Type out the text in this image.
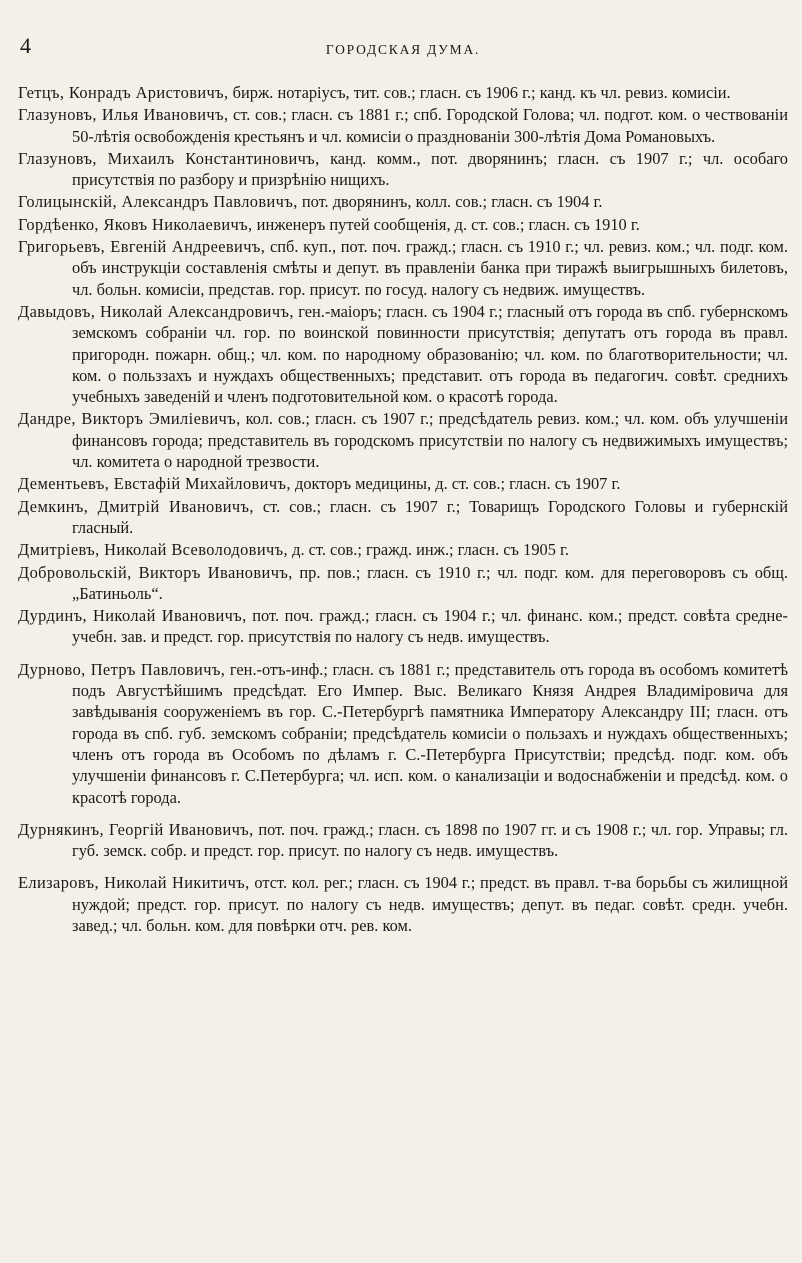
4	ГОРОДСКАЯ ДУМА.

Гетцъ, Конрадъ Аристовичъ, бирж. нотаріусъ, тит. сов.; гласн. съ 1906 г.; канд. къ чл. ревиз. комисіи.

Глазуновъ, Илья Ивановичъ, ст. сов.; гласн. съ 1881 г.; спб. Городской Голова; чл. подгот. ком. о чествованіи 50-лѣтія освобожденія крестьянъ и чл. комисіи о празднованіи 300-лѣтія Дома Романовыхъ.

Глазуновъ, Михаилъ Константиновичъ, канд. комм., пот. дворянинъ; гласн. съ 1907 г.; чл. особаго присутствія по разбору и призрѣнію нищихъ.

Голицынскій, Александръ Павловичъ, пот. дворянинъ, колл. сов.; гласн. съ 1904 г.

Гордѣенко, Яковъ Николаевичъ, инженеръ путей сообщенія, д. ст. сов.; гласн. съ 1910 г.

Григорьевъ, Евгеній Андреевичъ, спб. куп., пот. поч. гражд.; гласн. съ 1910 г.; чл. ревиз. ком.; чл. подг. ком. объ инструкціи составленія смѣты и депут. въ правленіи банка при тиражѣ выигрышныхъ билетовъ, чл. больн. комисіи, представ. гор. присут. по госуд. налогу съ недвиж. имуществъ.

Давыдовъ, Николай Александровичъ, ген.-маіоръ; гласн. съ 1904 г.; гласный отъ города въ спб. губернскомъ земскомъ собраніи чл. гор. по воинской повинности присутствія; депутатъ отъ города въ правл. пригородн. пожарн. общ.; чл. ком. по народному образованію; чл. ком. по благотворительности; чл. ком. о польззахъ и нуждахъ общественныхъ; представит. отъ города въ педагогич. совѣт. среднихъ учебныхъ заведеній и членъ подготовительной ком. о красотѣ города.

Дандре, Викторъ Эмиліевичъ, кол. сов.; гласн. съ 1907 г.; предсѣдатель ревиз. ком.; чл. ком. объ улучшеніи финансовъ города; представитель въ городскомъ присутствіи по налогу съ недвижимыхъ имуществъ; чл. комитета о народной трезвости.

Дементьевъ, Евстафій Михайловичъ, докторъ медицины, д. ст. сов.; гласн. съ 1907 г.

Демкинъ, Дмитрій Ивановичъ, ст. сов.; гласн. съ 1907 г.; Товарищъ Городского Головы и губернскій гласный.

Дмитріевъ, Николай Всеволодовичъ, д. ст. сов.; гражд. инж.; гласн. съ 1905 г.

Добровольскій, Викторъ Ивановичъ, пр. пов.; гласн. съ 1910 г.; чл. подг. ком. для переговоровъ съ общ. „Батиньоль“.

Дурдинъ, Николай Ивановичъ, пот. поч. гражд.; гласн. съ 1904 г.; чл. финанс. ком.; предст. совѣта средне-учебн. зав. и предст. гор. присутствія по налогу съ недв. имуществъ.

Дурново, Петръ Павловичъ, ген.-отъ-инф.; гласн. съ 1881 г.; представитель отъ города въ особомъ комитетѣ подъ Августѣйшимъ предсѣдат. Его Импер. Выс. Великаго Князя Андрея Владиміровича для завѣдыванія сооруженіемъ въ гор. С.-Петербургѣ памятника Императору Александру III; гласн. отъ города въ спб. губ. земскомъ собраніи; предсѣдатель комисіи о пользахъ и нуждахъ общественныхъ; членъ отъ города въ Особомъ по дѣламъ г. С.-Петербурга Присутствіи; предсѣд. подг. ком. объ улучшеніи финансовъ г. С.Петербурга; чл. исп. ком. о канализаціи и водоснабженіи и предсѣд. ком. о красотѣ города.

Дурнякинъ, Георгій Ивановичъ, пот. поч. гражд.; гласн. съ 1898 по 1907 гг. и съ 1908 г.; чл. гор. Управы; гл. губ. земск. собр. и предст. гор. присут. по налогу съ недв. имуществъ.

Елизаровъ, Николай Никитичъ, отст. кол. рег.; гласн. съ 1904 г.; предст. въ правл. т-ва борьбы съ жилищной нуждой; предст. гор. присут. по налогу съ недв. имуществъ; депут. въ педаг. совѣт. средн. учебн. завед.; чл. больн. ком. для повѣрки отч. рев. ком.
